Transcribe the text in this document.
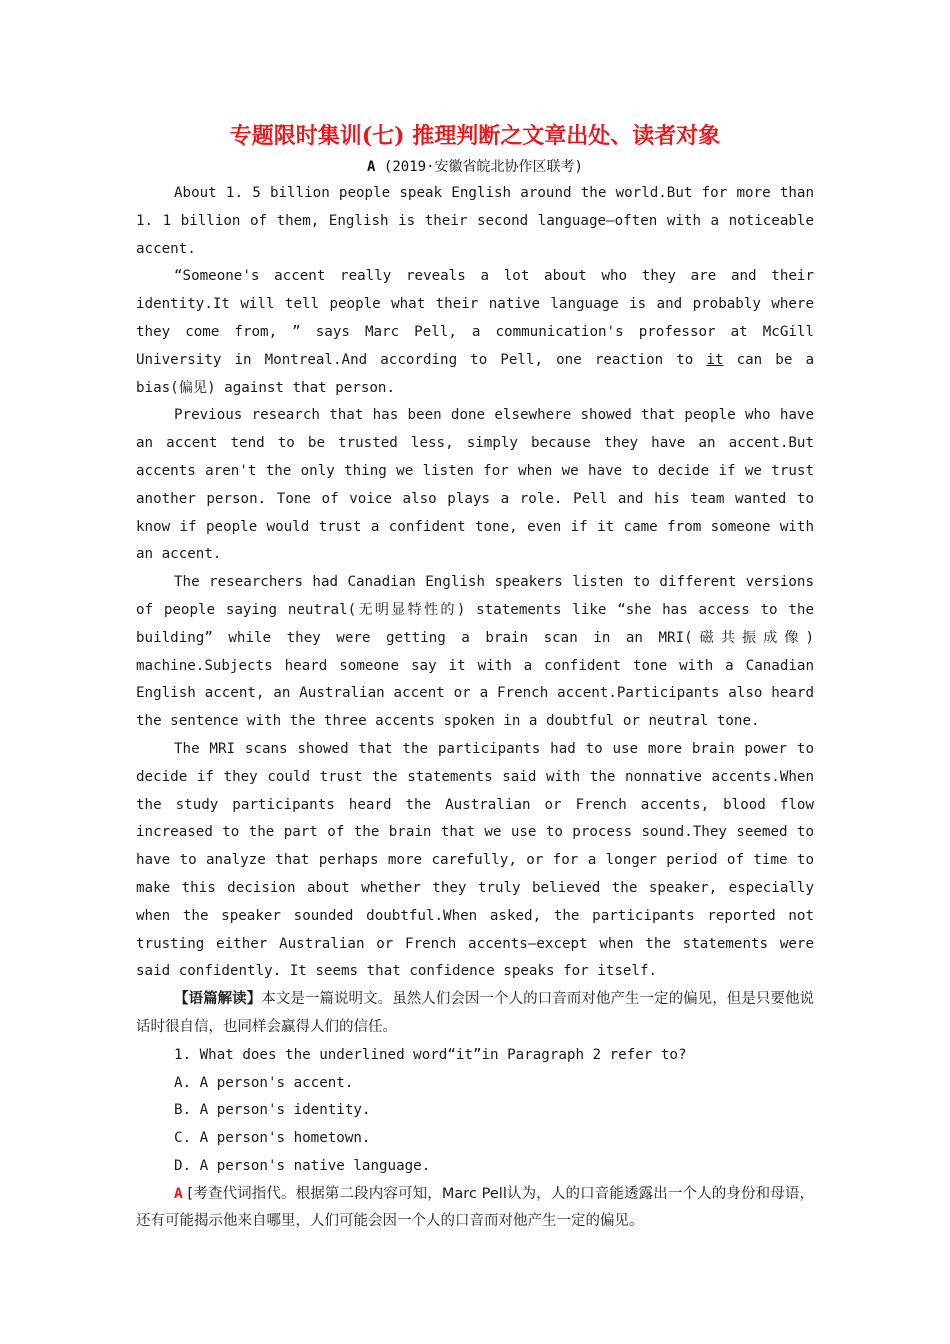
专题限时集训(七) 推理判断之文章出处、读者对象
A (2019·安徽省皖北协作区联考)

About 1. 5 billion people speak English around the world.But for more than 1. 1 billion of them, English is their second language—often with a noticeable accent.

“Someone's accent really reveals a lot about who they are and their identity.It will tell people what their native language is and probably where they come from, ” says Marc Pell, a communication's professor at McGill University in Montreal.And according to Pell, one reaction to it can be a bias(偏见) against that person.

Previous research that has been done elsewhere showed that people who have an accent tend to be trusted less, simply because they have an accent.But accents aren't the only thing we listen for when we have to decide if we trust another person. Tone of voice also plays a role. Pell and his team wanted to know if people would trust a confident tone, even if it came from someone with an accent.

The researchers had Canadian English speakers listen to different versions of people saying neutral(无明显特性的) statements like “she has access to the building” while they were getting a brain scan in an MRI(磁共振成像) machine.Subjects heard someone say it with a confident tone with a Canadian English accent, an Australian accent or a French accent.Participants also heard the sentence with the three accents spoken in a doubtful or neutral tone.

The MRI scans showed that the participants had to use more brain power to decide if they could trust the statements said with the nonnative accents.When the study participants heard the Australian or French accents, blood flow increased to the part of the brain that we use to process sound.They seemed to have to analyze that perhaps more carefully, or for a longer period of time to make this decision about whether they truly believed the speaker, especially when the speaker sounded doubtful.When asked, the participants reported not trusting either Australian or French accents—except when the statements were said confidently. It seems that confidence speaks for itself.

【语篇解读】本文是一篇说明文。虽然人们会因一个人的口音而对他产生一定的偏见，但是只要他说话时很自信，也同样会赢得人们的信任。

1. What does the underlined word“it”in Paragraph 2 refer to?

A. A person's accent.

B. A person's identity.

C. A person's hometown.

D. A person's native language.

A [考查代词指代。根据第二段内容可知，Marc Pell认为，人的口音能透露出一个人的身份和母语，还有可能揭示他来自哪里，人们可能会因一个人的口音而对他产生一定的偏见。
